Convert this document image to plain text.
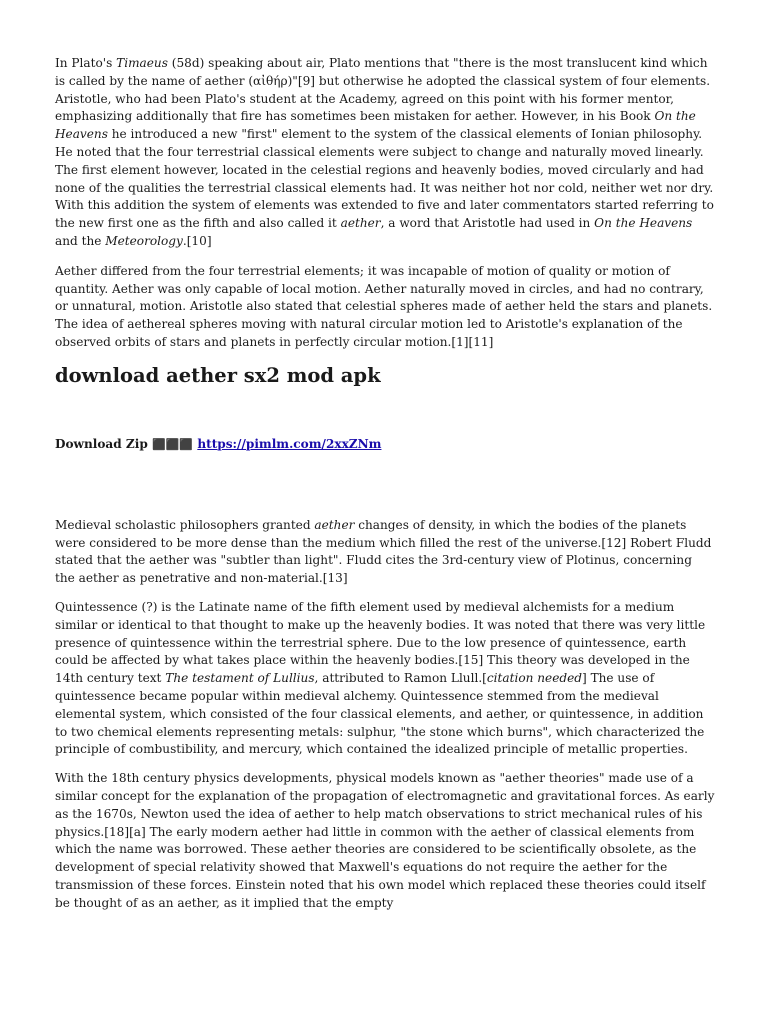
In Plato's Timaeus (58d) speaking about air, Plato mentions that "there is the most translucent kind which is called by the name of aether (αἰθήρ)"[9] but otherwise he adopted the classical system of four elements. Aristotle, who had been Plato's student at the Academy, agreed on this point with his former mentor, emphasizing additionally that fire has sometimes been mistaken for aether. However, in his Book On the Heavens he introduced a new "first" element to the system of the classical elements of Ionian philosophy. He noted that the four terrestrial classical elements were subject to change and naturally moved linearly. The first element however, located in the celestial regions and heavenly bodies, moved circularly and had none of the qualities the terrestrial classical elements had. It was neither hot nor cold, neither wet nor dry. With this addition the system of elements was extended to five and later commentators started referring to the new first one as the fifth and also called it aether, a word that Aristotle had used in On the Heavens and the Meteorology.[10]

Aether differed from the four terrestrial elements; it was incapable of motion of quality or motion of quantity. Aether was only capable of local motion. Aether naturally moved in circles, and had no contrary, or unnatural, motion. Aristotle also stated that celestial spheres made of aether held the stars and planets. The idea of aethereal spheres moving with natural circular motion led to Aristotle's explanation of the observed orbits of stars and planets in perfectly circular motion.[1][11]

download aether sx2 mod apk
Download Zip ⬛⬛⬛ https://pimlm.com/2xxZNm

Medieval scholastic philosophers granted aether changes of density, in which the bodies of the planets were considered to be more dense than the medium which filled the rest of the universe.[12] Robert Fludd stated that the aether was "subtler than light". Fludd cites the 3rd-century view of Plotinus, concerning the aether as penetrative and non-material.[13]

Quintessence (?) is the Latinate name of the fifth element used by medieval alchemists for a medium similar or identical to that thought to make up the heavenly bodies. It was noted that there was very little presence of quintessence within the terrestrial sphere. Due to the low presence of quintessence, earth could be affected by what takes place within the heavenly bodies.[15] This theory was developed in the 14th century text The testament of Lullius, attributed to Ramon Llull.[citation needed] The use of quintessence became popular within medieval alchemy. Quintessence stemmed from the medieval elemental system, which consisted of the four classical elements, and aether, or quintessence, in addition to two chemical elements representing metals: sulphur, "the stone which burns", which characterized the principle of combustibility, and mercury, which contained the idealized principle of metallic properties.

With the 18th century physics developments, physical models known as "aether theories" made use of a similar concept for the explanation of the propagation of electromagnetic and gravitational forces. As early as the 1670s, Newton used the idea of aether to help match observations to strict mechanical rules of his physics.[18][a] The early modern aether had little in common with the aether of classical elements from which the name was borrowed. These aether theories are considered to be scientifically obsolete, as the development of special relativity showed that Maxwell's equations do not require the aether for the transmission of these forces. Einstein noted that his own model which replaced these theories could itself be thought of as an aether, as it implied that the empty
